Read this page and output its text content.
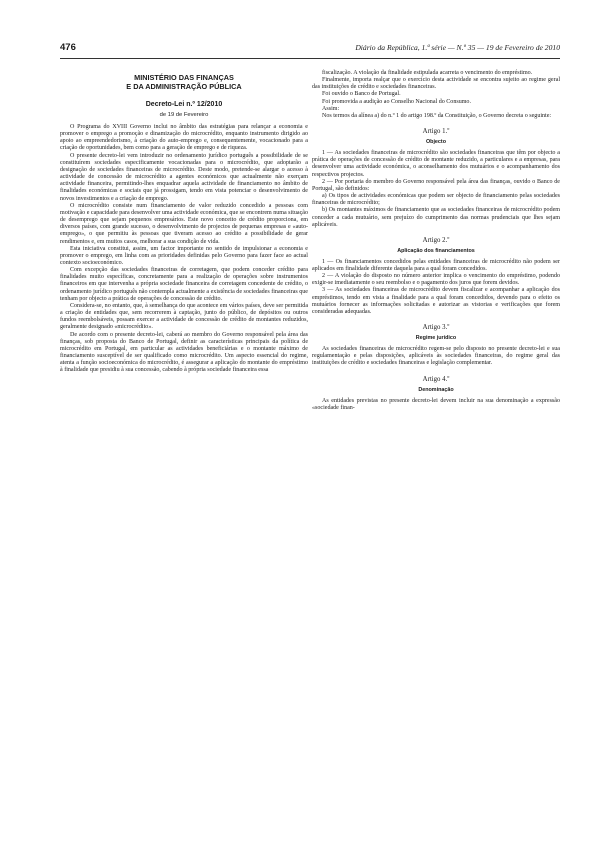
476	Diário da República, 1.ª série — N.º 35 — 19 de Fevereiro de 2010
MINISTÉRIO DAS FINANÇAS
E DA ADMINISTRAÇÃO PÚBLICA
Decreto-Lei n.º 12/2010
de 19 de Fevereiro

O Programa do XVIII Governo inclui no âmbito das estratégias para relançar a economia e promover o emprego a promoção e dinamização do microcrédito, enquanto instrumento dirigido ao apoio ao empreendedorismo, à criação do auto-emprego e, consequentemente, vocacionado para a criação de oportunidades, bem como para a geração de emprego e de riqueza.

O presente decreto-lei vem introduzir no ordenamento jurídico português a possibilidade de se constituírem sociedades especificamente vocacionadas para o microcrédito, que adoptarão a designação de sociedades financeiras de microcrédito. Deste modo, pretende-se alargar o acesso à actividade de concessão de microcrédito a agentes económicos que actualmente não exerçam actividade financeira, permitindo-lhes enquadrar aquela actividade de financiamento no âmbito de finalidades económicas e sociais que já prossigam, tendo em vista potenciar o desenvolvimento de novos investimentos e a criação de emprego.

O microcrédito consiste num financiamento de valor reduzido concedido a pessoas com motivação e capacidade para desenvolver uma actividade económica, que se encontrem numa situação de desemprego que sejam pequenos empresários. Este novo conceito de crédito proporciona, em diversos países, com grande sucesso, o desenvolvimento de projectos de pequenas empresas e «auto-emprego», o que permitiu às pessoas que tiveram acesso ao crédito a possibilidade de gerar rendimentos e, em muitos casos, melhorar a sua condição de vida.

Esta iniciativa constitui, assim, um factor importante no sentido de impulsionar a economia e promover o emprego, em linha com as prioridades definidas pelo Governo para fazer face ao actual contexto socioeconómico.

Com excepção das sociedades financeiras de corretagem, que podem conceder crédito para finalidades muito específicas, concretamente para a realização de operações sobre instrumentos financeiros em que intervenha a própria sociedade financeira de corretagem concedente de crédito, o ordenamento jurídico português não contempla actualmente a existência de sociedades financeiras que tenham por objecto a prática de operações de concessão de crédito.

Considera-se, no entanto, que, à semelhança do que acontece em vários países, deve ser permitida a criação de entidades que, sem recorrerem à captação, junto do público, de depósitos ou outros fundos reembolsáveis, possam exercer a actividade de concessão de crédito de montantes reduzidos, geralmente designado «microcrédito».

De acordo com o presente decreto-lei, caberá ao membro do Governo responsável pela área das finanças, sob proposta do Banco de Portugal, definir as características principais da política de microcrédito em Portugal, em particular as actividades beneficiárias e o montante máximo de financiamento susceptível de ser qualificado como microcrédito. Um aspecto essencial do regime, atenta a função socioeconómica do microcrédito, é assegurar a aplicação do montante do empréstimo à finalidade que presidiu à sua concessão, cabendo à própria sociedade financeira essa

fiscalização. A violação da finalidade estipulada acarreta o vencimento do empréstimo.

Finalmente, importa realçar que o exercício desta actividade se encontra sujeito ao regime geral das instituições de crédito e sociedades financeiras.

Foi ouvido o Banco de Portugal.

Foi promovida a audição ao Conselho Nacional do Consumo.

Assim:

Nos termos da alínea a) do n.º 1 do artigo 198.º da Constituição, o Governo decreta o seguinte:

Artigo 1.º
Objecto

1 — As sociedades financeiras de microcrédito são sociedades financeiras que têm por objecto a prática de operações de concessão de crédito de montante reduzido, a particulares e a empresas, para desenvolver uma actividade económica, o aconselhamento dos mutuários e o acompanhamento dos respectivos projectos.

2 — Por portaria do membro do Governo responsável pela área das finanças, ouvido o Banco de Portugal, são definidos:

a) Os tipos de actividades económicas que podem ser objecto de financiamento pelas sociedades financeiras de microcrédito;

b) Os montantes máximos de financiamento que as sociedades financeiras de microcrédito podem conceder a cada mutuário, sem prejuízo do cumprimento das normas prudenciais que lhes sejam aplicáveis.

Artigo 2.º
Aplicação dos financiamentos

1 — Os financiamentos concedidos pelas entidades financeiras de microcrédito não podem ser aplicados em finalidade diferente daquela para a qual foram concedidos.

2 — A violação do disposto no número anterior implica o vencimento do empréstimo, podendo exigir-se imediatamente o seu reembolso e o pagamento dos juros que forem devidos.

3 — As sociedades financeiras de microcrédito devem fiscalizar e acompanhar a aplicação dos empréstimos, tendo em vista a finalidade para a qual foram concedidos, devendo para o efeito os mutuários fornecer as informações solicitadas e autorizar as vistorias e verificações que forem consideradas adequadas.

Artigo 3.º
Regime jurídico

As sociedades financeiras de microcrédito regem-se pelo disposto no presente decreto-lei e sua regulamentação e pelas disposições, aplicáveis às sociedades financeiras, do regime geral das instituições de crédito e sociedades financeiras e legislação complementar.

Artigo 4.º
Denominação

As entidades previstas no presente decreto-lei devem incluir na sua denominação a expressão «sociedade finan-
